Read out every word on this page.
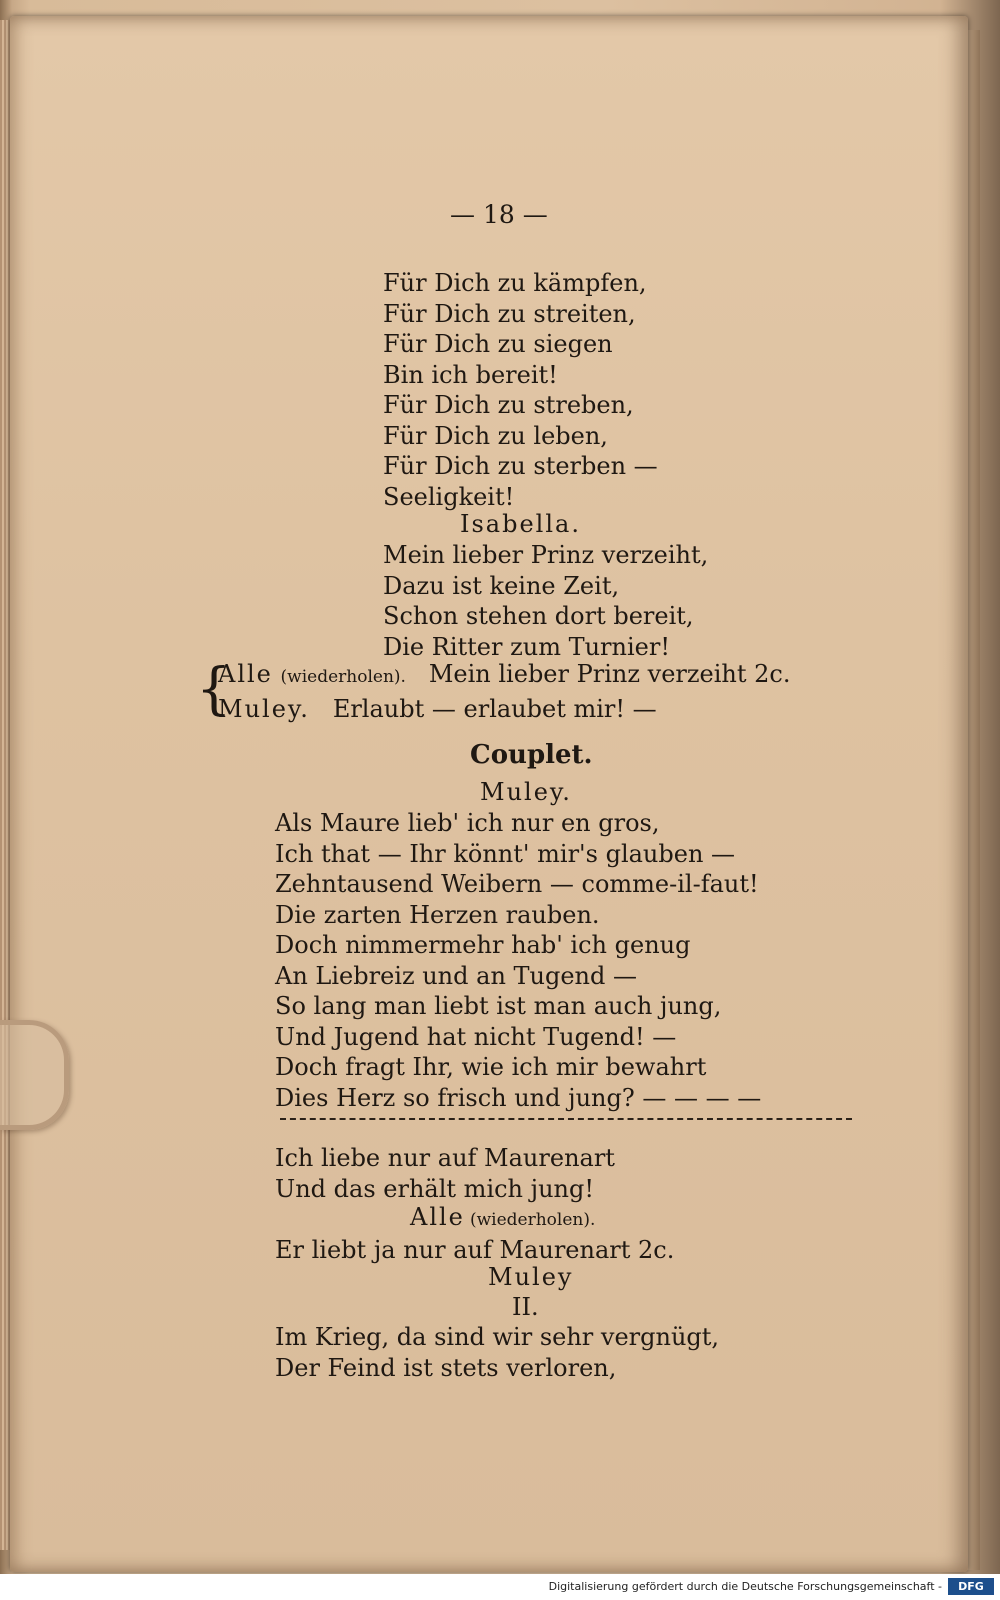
— 18 —
Für Dich zu kämpfen,
Für Dich zu streiten,
Für Dich zu siegen
Bin ich bereit!
Für Dich zu streben,
Für Dich zu leben,
Für Dich zu sterben —
Seeligkeit!
Isabella.
Mein lieber Prinz verzeiht,
Dazu ist keine Zeit,
Schon stehen dort bereit,
Die Ritter zum Turnier!
{
Alle (wiederholen). Mein lieber Prinz verzeiht 2c.
Muley. Erlaubt — erlaubet mir! —
Couplet.
Muley.
Als Maure lieb' ich nur en gros,
Ich that — Ihr könnt' mir's glauben —
Zehntausend Weibern — comme-il-faut!
Die zarten Herzen rauben.
Doch nimmermehr hab' ich genug
An Liebreiz und an Tugend —
So lang man liebt ist man auch jung,
Und Jugend hat nicht Tugend! —
Doch fragt Ihr, wie ich mir bewahrt
Dies Herz so frisch und jung? — — — —
Ich liebe nur auf Maurenart
Und das erhält mich jung!
Alle (wiederholen).
Er liebt ja nur auf Maurenart 2c.
Muley
II.
Im Krieg, da sind wir sehr vergnügt,
Der Feind ist stets verloren,
Digitalisierung gefördert durch die Deutsche Forschungsgemeinschaft -	DFG
